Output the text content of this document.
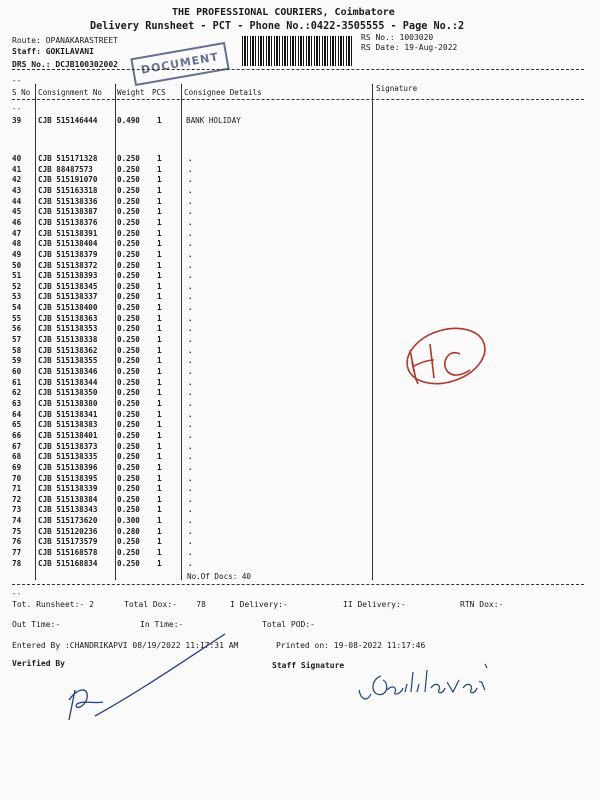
THE PROFESSIONAL COURIERS, Coimbatore
Delivery Runsheet - PCT - Phone No.:0422-3505555 - Page No.:2
Route: OPANAKARASTREET
Staff: GOKILAVANI
DRS No.: DCJB100302002	DOCUMENT
RS No.: 1003020
RS Date: 19-Aug-2022
--
S No Consignment No Weight PCS Consignee Details	Signature
--
39 CJB 515146444	0.490 1	BANK HOLIDAY
40 CJB 515171328	0.250 1	.
41 CJB 88487573	0.250 1	.
42 CJB 515191070	0.250 1	.
43 CJB 515163318	0.250 1	.
44 CJB 515138336	0.250 1	.
45 CJB 515138387	0.250 1	.
46 CJB 515138376	0.250 1	.
47 CJB 515138391	0.250 1	.
48 CJB 515138404	0.250 1	.
49 CJB 515138379	0.250 1	.
50 CJB 515138372	0.250 1	.
51 CJB 515138393	0.250 1	.
52 CJB 515138345	0.250 1	.
53 CJB 515138337	0.250 1	.
54 CJB 515138400	0.250 1	.
55 CJB 515138363	0.250 1	.
56 CJB 515138353	0.250 1	.
57 CJB 515138338	0.250 1	.
58 CJB 515138362	0.250 1	.
59 CJB 515138355	0.250 1	.
60 CJB 515138346	0.250 1	.
61 CJB 515138344	0.250 1	.
62 CJB 515138350	0.250 1	.
63 CJB 515138380	0.250 1	.
64 CJB 515138341	0.250 1	.
65 CJB 515138383	0.250 1	.
66 CJB 515138401	0.250 1	.
67 CJB 515138373	0.250 1	.
68 CJB 515138335	0.250 1	.
69 CJB 515138396	0.250 1	.
70 CJB 515138395	0.250 1	.
71 CJB 515138339	0.250 1	.
72 CJB 515138384	0.250 1	.
73 CJB 515138343	0.250 1	.
74 CJB 515173620	0.300 1	.
75 CJB 515120236	0.280 1	.
76 CJB 515173579	0.250 1	.
77 CJB 515168578	0.250 1	.
78 CJB 515168834	0.250 1	.
No.Of Docs: 40
--
Tot. Runsheet:- 2	Total Dox:-    78	I Delivery:-	II Delivery:-	RTN Dox:-
Out Time:-	In Time:-	Total POD:-
Entered By :CHANDRIKAPVI 08/19/2022 11:17:31 AM	Printed on: 19-08-2022 11:17:46
Verified By	Staff Signature
